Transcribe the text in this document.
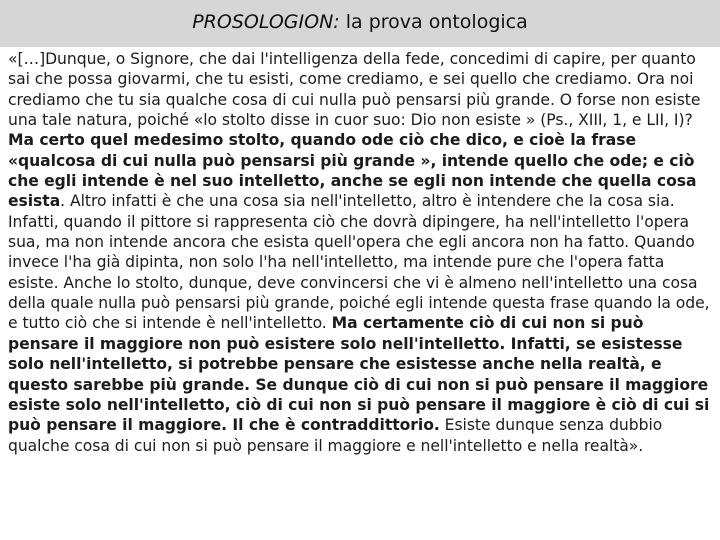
PROSOLOGION: la prova ontologica
«[…]Dunque, o Signore, che dai l'intelligenza della fede, concedimi di capire, per quanto sai che possa giovarmi, che tu esisti, come crediamo, e sei quello che crediamo. Ora noi crediamo che tu sia qualche cosa di cui nulla può pensarsi più grande. O forse non esiste una tale natura, poiché «lo stolto disse in cuor suo: Dio non esiste » (Ps., XIII, 1, e LII, I)? Ma certo quel medesimo stolto, quando ode ciò che dico, e cioè la frase «qualcosa di cui nulla può pensarsi più grande », intende quello che ode; e ciò che egli intende è nel suo intelletto, anche se egli non intende che quella cosa esista. Altro infatti è che una cosa sia nell'intelletto, altro è intendere che la cosa sia. Infatti, quando il pittore si rappresenta ciò che dovrà dipingere, ha nell'intelletto l'opera sua, ma non intende ancora che esista quell'opera che egli ancora non ha fatto. Quando invece l'ha già dipinta, non solo l'ha nell'intelletto, ma intende pure che l'opera fatta esiste. Anche lo stolto, dunque, deve convincersi che vi è almeno nell'intelletto una cosa della quale nulla può pensarsi più grande, poiché egli intende questa frase quando la ode, e tutto ciò che si intende è nell'intelletto. Ma certamente ciò di cui non si può pensare il maggiore non può esistere solo nell'intelletto. Infatti, se esistesse solo nell'intelletto, si potrebbe pensare che esistesse anche nella realtà, e questo sarebbe più grande. Se dunque ciò di cui non si può pensare il maggiore esiste solo nell'intelletto, ciò di cui non si può pensare il maggiore è ciò di cui si può pensare il maggiore. Il che è contraddittorio. Esiste dunque senza dubbio qualche cosa di cui non si può pensare il maggiore e nell'intelletto e nella realtà».
